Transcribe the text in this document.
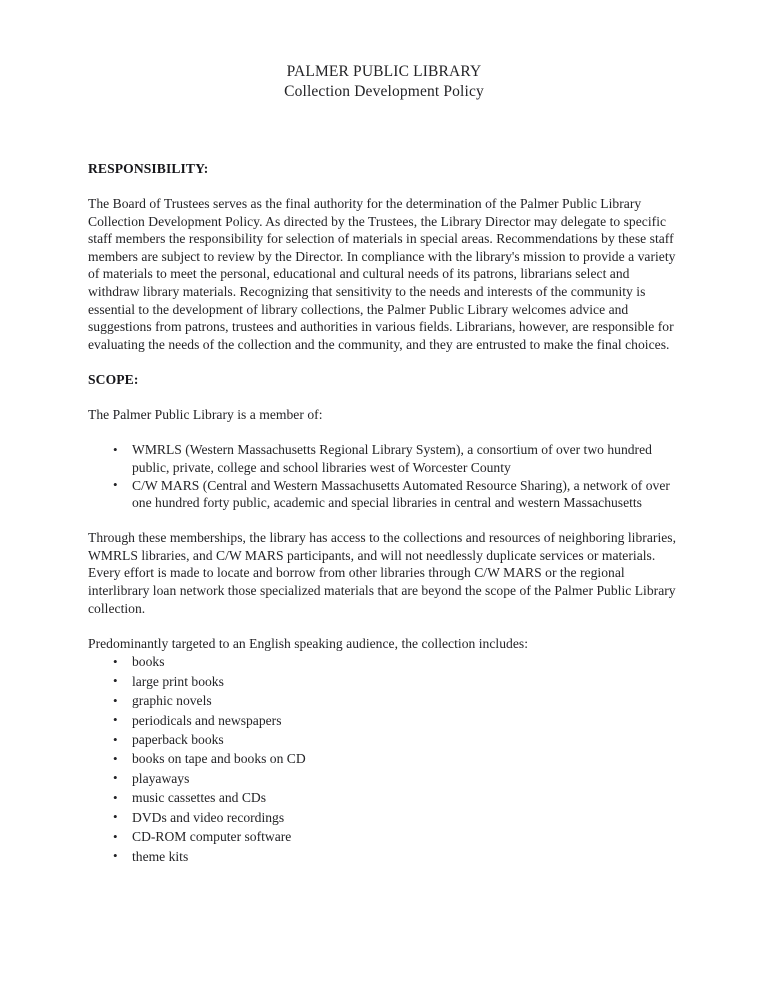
PALMER PUBLIC LIBRARY
Collection Development Policy
RESPONSIBILITY:

The Board of Trustees serves as the final authority for the determination of the Palmer Public Library Collection Development Policy. As directed by the Trustees, the Library Director may delegate to specific staff members the responsibility for selection of materials in special areas. Recommendations by these staff members are subject to review by the Director. In compliance with the library's mission to provide a variety of materials to meet the personal, educational and cultural needs of its patrons, librarians select and withdraw library materials. Recognizing that sensitivity to the needs and interests of the community is essential to the development of library collections, the Palmer Public Library welcomes advice and suggestions from patrons, trustees and authorities in various fields. Librarians, however, are responsible for evaluating the needs of the collection and the community, and they are entrusted to make the final choices.

SCOPE:

The Palmer Public Library is a member of:

• WMRLS (Western Massachusetts Regional Library System), a consortium of over two hundred public, private, college and school libraries west of Worcester County
• C/W MARS (Central and Western Massachusetts Automated Resource Sharing), a network of over one hundred forty public, academic and special libraries in central and western Massachusetts

Through these memberships, the library has access to the collections and resources of neighboring libraries, WMRLS libraries, and C/W MARS participants, and will not needlessly duplicate services or materials. Every effort is made to locate and borrow from other libraries through C/W MARS or the regional interlibrary loan network those specialized materials that are beyond the scope of the Palmer Public Library collection.

Predominantly targeted to an English speaking audience, the collection includes:

• books
• large print books
• graphic novels
• periodicals and newspapers
• paperback books
• books on tape and books on CD
• playaways
• music cassettes and CDs
• DVDs and video recordings
• CD-ROM computer software
• theme kits
